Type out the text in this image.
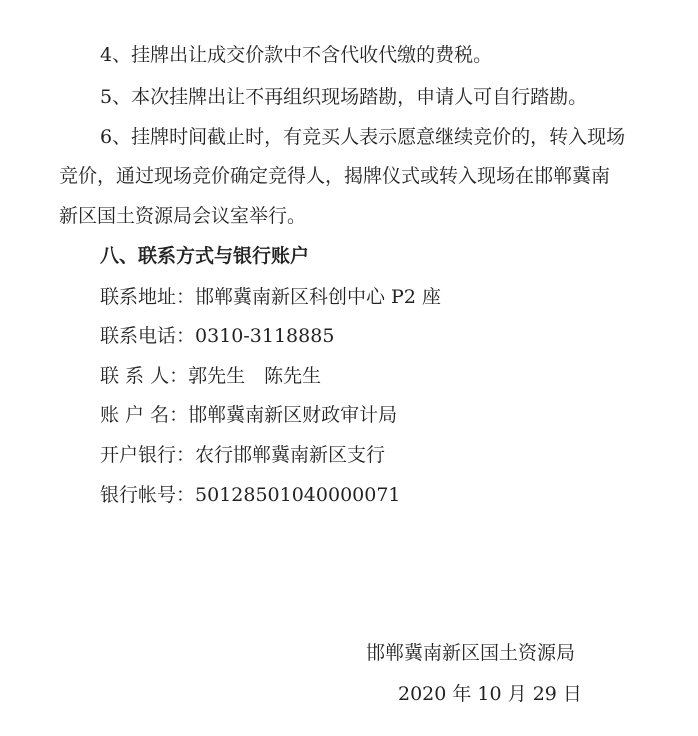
4、挂牌出让成交价款中不含代收代缴的费税。
5、本次挂牌出让不再组织现场踏勘，申请人可自行踏勘。
6、挂牌时间截止时，有竞买人表示愿意继续竞价的，转入现场
竞价，通过现场竞价确定竞得人，揭牌仪式或转入现场在邯郸冀南
新区国土资源局会议室举行。
八、联系方式与银行账户
联系地址：邯郸冀南新区科创中心 P2 座
联系电话：0310-3118885
联 系 人：郭先生　陈先生
账 户 名：邯郸冀南新区财政审计局
开户银行：农行邯郸冀南新区支行
银行帐号：50128501040000071
邯郸冀南新区国土资源局
2020 年 10 月 29 日
